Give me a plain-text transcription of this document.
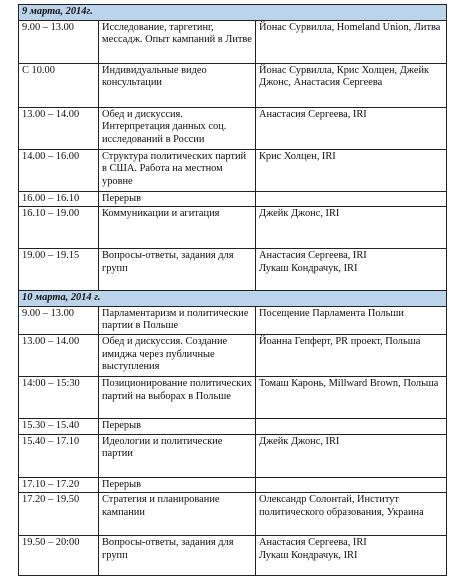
9 марта, 2014г.		
9.00 – 13.00	Исследование, таргетинг, мессадж. Опыт кампаний в Литве	Йонас Сурвилла, Homeland Union, Литва
С 10.00	Индивидуальные видео консультации	Йонас Сурвилла, Крис Холцен, Джейк Джонс, Анастасия Сергеева
13.00 – 14.00	Обед и дискуссия. Интерпретация данных соц. исследований в России	Анастасия Сергеева, IRI
14.00 – 16.00	Структура политических партий в США. Работа на местном уровне	Крис Холцен, IRI
16.00 – 16.10	Перерыв	
16.10 – 19.00	Коммуникации и агитация	Джейк Джонс, IRI
19.00 – 19.15	Вопросы-ответы, задания для групп	Анастасия Сергеева, IRI
Лукаш Кондрачук, IRI
10 марта, 2014 г.		
9.00 – 13.00	Парламентаризм и политические партии в Польше	Посещение Парламента Польши
13.00 – 14.00	Обед и дискуссия. Создание имиджа через публичные выступления	Йоанна Гепферт, PR проект, Польша
14:00 – 15:30	Позиционирование политических партий на выборах в Польше	Томаш Каронь, Millward Brown, Польша
15.30 – 15.40	Перерыв	
15.40 – 17.10	Идеологии и политические партии	Джейк Джонс, IRI
17.10 – 17.20	Перерыв	
17.20 – 19.50	Стратегия и планирование кампании	Олександр Солонтай, Институт политического образования, Украина
19.50 – 20:00	Вопросы-ответы, задания для групп	Анастасия Сергеева, IRI
Лукаш Кондрачук, IRI
